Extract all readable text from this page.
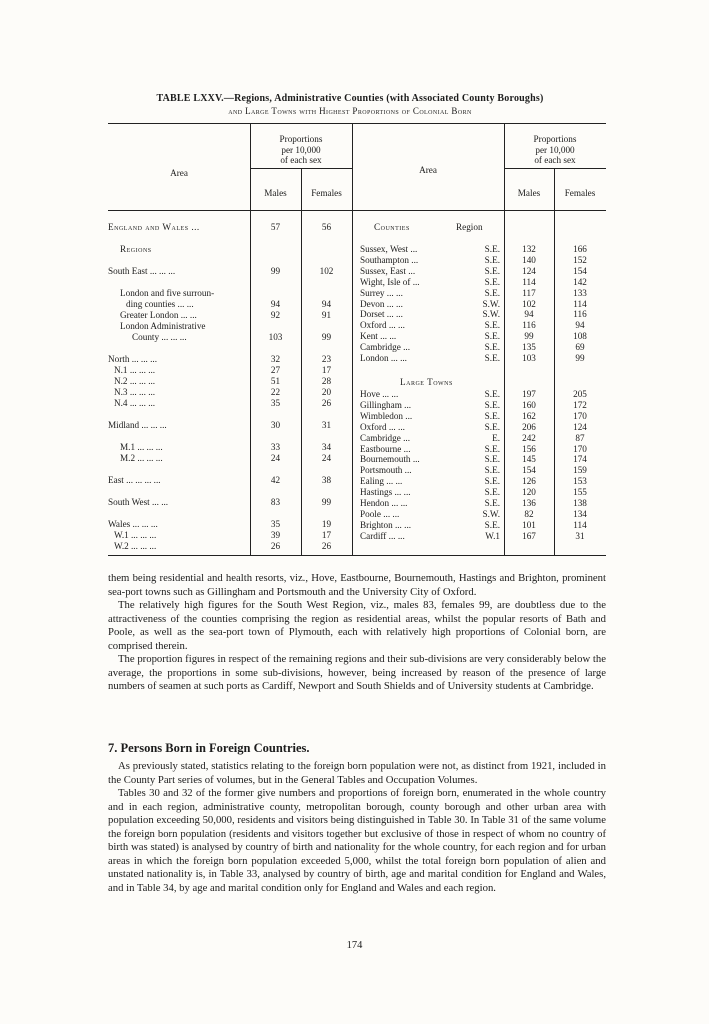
TABLE LXXV.—Regions, Administrative Counties (with Associated County Boroughs)
and Large Towns with Highest Proportions of Colonial Born
Area
Proportions
per 10,000
of each sex
Males	Females
Area
Proportions
per 10,000
of each sex
Males	Females
Counties	Region
Large Towns
England and Wales ...	57	56
Regions
South East ... ... ...	99	102
London and five surroun-
ding counties ... ...	94	94
Greater London ... ...	92	91
London Administrative
County ... ... ...	103	99
North ... ... ...	32	23
N.1 ... ... ...	27	17
N.2 ... ... ...	51	28
N.3 ... ... ...	22	20
N.4 ... ... ...	35	26
Midland ... ... ...	30	31
M.1 ... ... ...	33	34
M.2 ... ... ...	24	24
East ... ... ... ...	42	38
South West ... ...	83	99
Wales ... ... ...	35	19
W.1 ... ... ...	39	17
W.2 ... ... ...	26	26
Sussex, West ...	S.E.	132	166
Southampton ...	S.E.	140	152
Sussex, East ...	S.E.	124	154
Wight, Isle of ...	S.E.	114	142
Surrey ... ...	S.E.	117	133
Devon ... ...	S.W.	102	114
Dorset ... ...	S.W.	94	116
Oxford ... ...	S.E.	116	94
Kent ... ...	S.E.	99	108
Cambridge ...	S.E.	135	69
London ... ...	S.E.	103	99
Hove ... ...	S.E.	197	205
Gillingham ...	S.E.	160	172
Wimbledon ...	S.E.	162	170
Oxford ... ...	S.E.	206	124
Cambridge ...	E.	242	87
Eastbourne ...	S.E.	156	170
Bournemouth ...	S.E.	145	174
Portsmouth ...	S.E.	154	159
Ealing ... ...	S.E.	126	153
Hastings ... ...	S.E.	120	155
Hendon ... ...	S.E.	136	138
Poole ... ...	S.W.	82	134
Brighton ... ...	S.E.	101	114
Cardiff ... ...	W.1	167	31

them being residential and health resorts, viz., Hove, Eastbourne, Bournemouth, Hastings and Brighton, prominent sea-port towns such as Gillingham and Portsmouth and the University City of Oxford.

The relatively high figures for the South West Region, viz., males 83, females 99, are doubtless due to the attractiveness of the counties comprising the region as residential areas, whilst the popular resorts of Bath and Poole, as well as the sea-port town of Plymouth, each with relatively high proportions of Colonial born, are comprised therein.

The proportion figures in respect of the remaining regions and their sub-divisions are very considerably below the average, the proportions in some sub-divisions, however, being increased by reason of the presence of large numbers of seamen at such ports as Cardiff, Newport and South Shields and of University students at Cambridge.

7. Persons Born in Foreign Countries.

As previously stated, statistics relating to the foreign born population were not, as distinct from 1921, included in the County Part series of volumes, but in the General Tables and Occupation Volumes.

Tables 30 and 32 of the former give numbers and proportions of foreign born, enumerated in the whole country and in each region, administrative county, metropolitan borough, county borough and other urban area with population exceeding 50,000, residents and visitors being distinguished in Table 30. In Table 31 of the same volume the foreign born population (residents and visitors together but exclusive of those in respect of whom no country of birth was stated) is analysed by country of birth and nationality for the whole country, for each region and for urban areas in which the foreign born population exceeded 5,000, whilst the total foreign born population of alien and unstated nationality is, in Table 33, analysed by country of birth, age and marital condition for England and Wales, and in Table 34, by age and marital condition only for England and Wales and each region.

174
